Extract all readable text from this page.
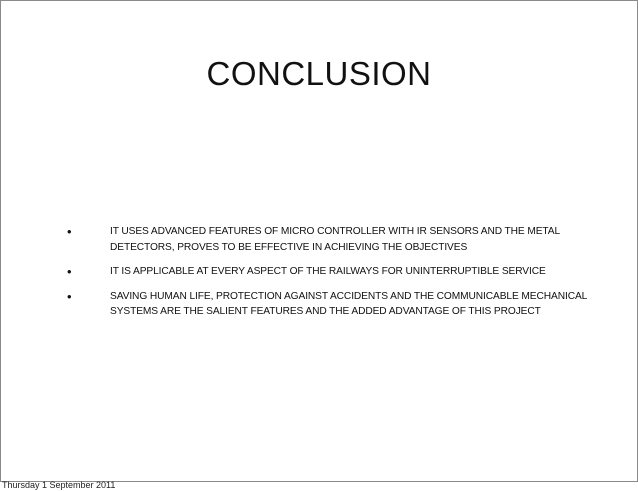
CONCLUSION
•	IT USES ADVANCED FEATURES OF MICRO CONTROLLER WITH IR SENSORS AND THE METAL DETECTORS, PROVES TO BE EFFECTIVE IN ACHIEVING THE OBJECTIVES
•	IT IS APPLICABLE AT EVERY ASPECT OF THE RAILWAYS FOR UNINTERRUPTIBLE SERVICE
•	SAVING HUMAN LIFE, PROTECTION AGAINST ACCIDENTS AND THE COMMUNICABLE MECHANICAL SYSTEMS ARE THE SALIENT FEATURES AND THE ADDED ADVANTAGE OF THIS PROJECT
Thursday 1 September 2011
